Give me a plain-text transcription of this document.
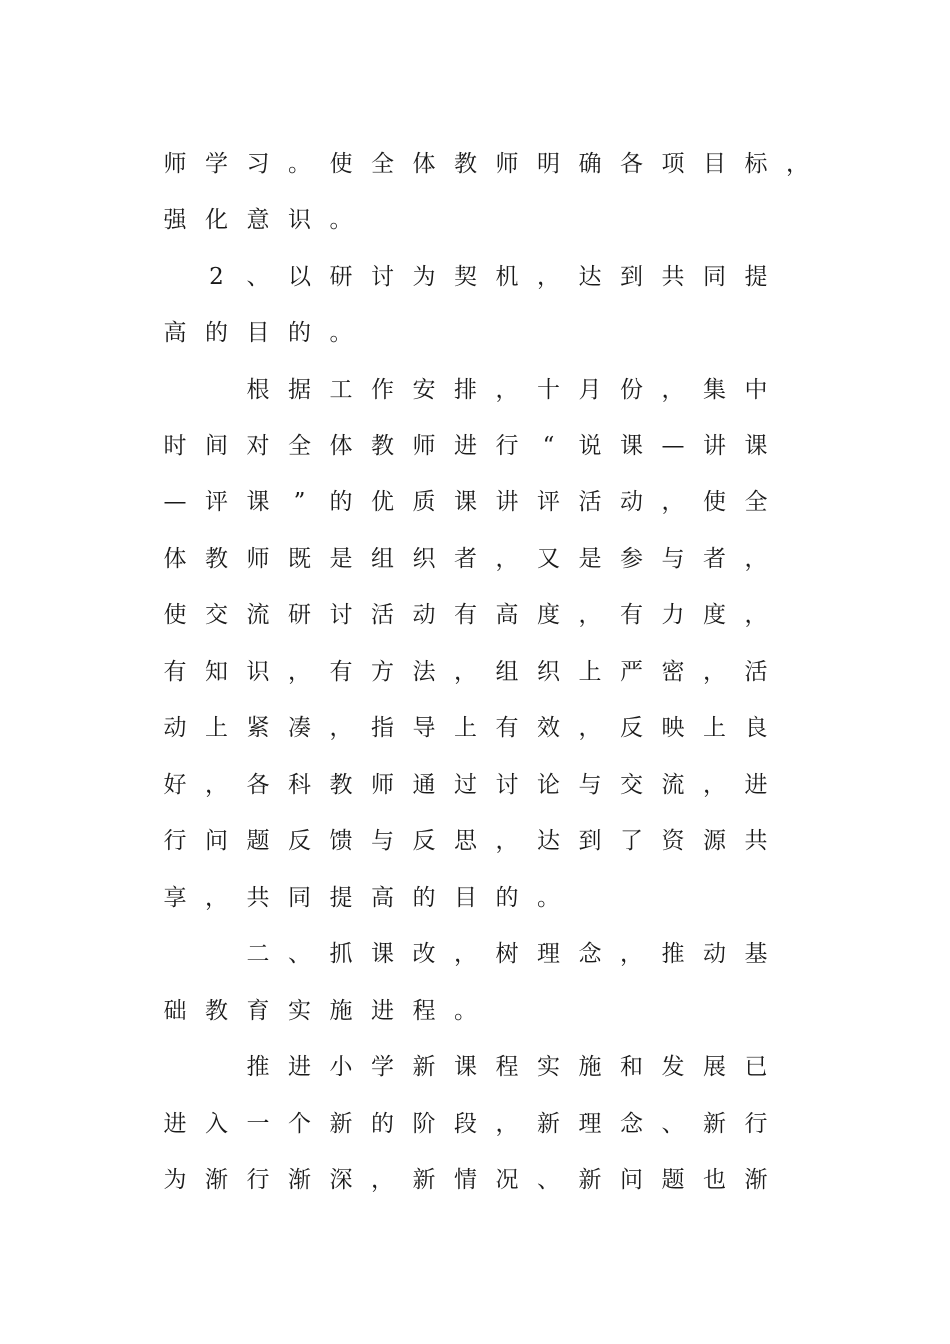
师 学 习 。 使 全 体 教 师 明 确 各 项 目 标 ，
强 化 意 识 。
2 、 以 研 讨 为 契 机 ， 达 到 共 同 提
高 的 目 的 。
根 据 工 作 安 排 ， 十 月 份 ， 集 中
时 间 对 全 体 教 师 进 行	“	说 课 — 讲 课
— 评 课	”	的 优 质 课 讲 评 活 动 ， 使 全
体 教 师 既 是 组 织 者 ， 又 是 参 与 者 ，
使 交 流 研 讨 活 动 有 高 度 ， 有 力 度 ，
有 知 识 ， 有 方 法 ， 组 织 上 严 密 ， 活
动 上 紧 凑 ， 指 导 上 有 效 ， 反 映 上 良
好 ， 各 科 教 师 通 过 讨 论 与 交 流 ， 进
行 问 题 反 馈 与 反 思 ， 达 到 了 资 源 共
享 ， 共 同 提 高 的 目 的 。
二 、 抓 课 改 ， 树 理 念 ， 推 动 基
础 教 育 实 施 进 程 。
推 进 小 学 新 课 程 实 施 和 发 展 已
进 入 一 个 新 的 阶 段 ， 新 理 念 、 新 行
为 渐 行 渐 深 ， 新 情 况 、 新 问 题 也 渐
